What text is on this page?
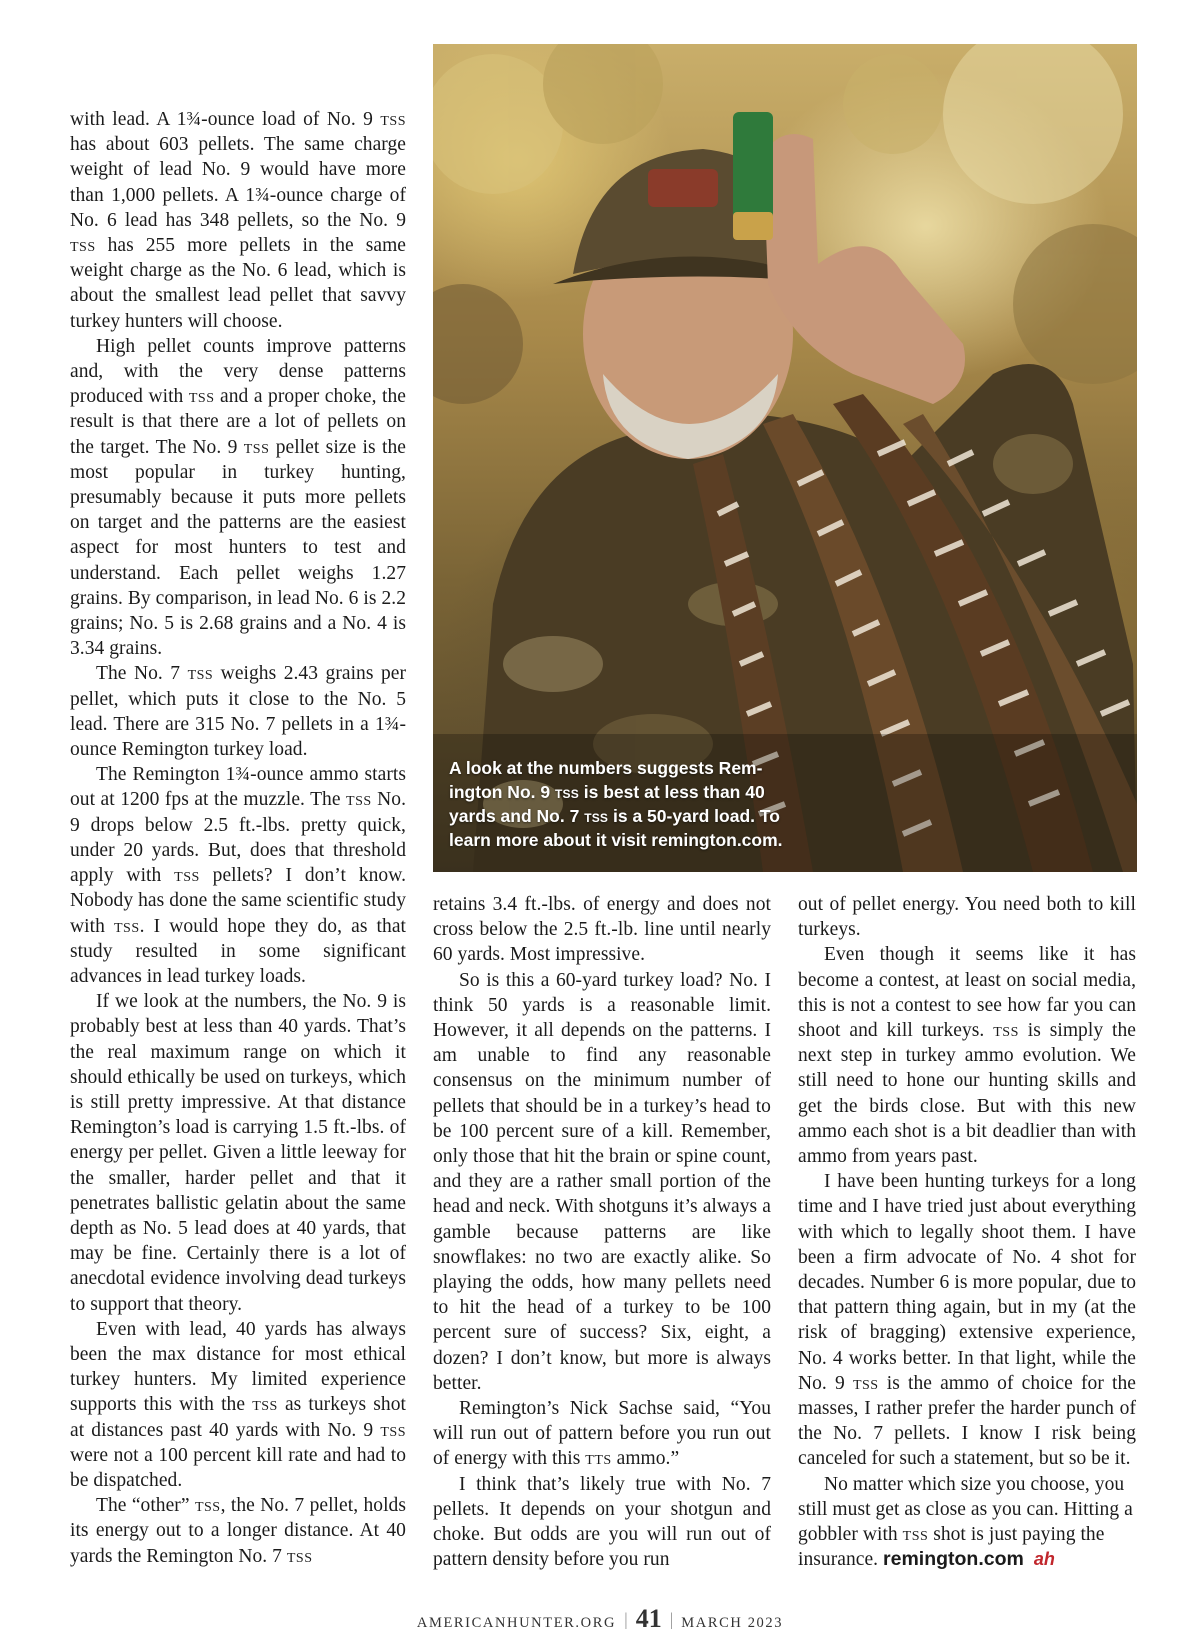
with lead. A 1¾-ounce load of No. 9 tss has about 603 pellets. The same charge weight of lead No. 9 would have more than 1,000 pellets. A 1¾-ounce charge of No. 6 lead has 348 pellets, so the No. 9 tss has 255 more pellets in the same weight charge as the No. 6 lead, which is about the smallest lead pellet that savvy turkey hunters will choose.

High pellet counts improve patterns and, with the very dense patterns produced with tss and a proper choke, the result is that there are a lot of pellets on the target. The No. 9 tss pellet size is the most popular in turkey hunting, presumably because it puts more pellets on target and the patterns are the easiest aspect for most hunters to test and understand. Each pellet weighs 1.27 grains. By comparison, in lead No. 6 is 2.2 grains; No. 5 is 2.68 grains and a No. 4 is 3.34 grains.

The No. 7 tss weighs 2.43 grains per pellet, which puts it close to the No. 5 lead. There are 315 No. 7 pellets in a 1¾-ounce Remington turkey load.

The Remington 1¾-ounce ammo starts out at 1200 fps at the muzzle. The tss No. 9 drops below 2.5 ft.-lbs. pretty quick, under 20 yards. But, does that threshold apply with tss pellets? I don’t know. Nobody has done the same scientific study with tss. I would hope they do, as that study resulted in some significant advances in lead turkey loads.

If we look at the numbers, the No. 9 is probably best at less than 40 yards. That’s the real maximum range on which it should ethically be used on turkeys, which is still pretty impressive. At that distance Remington’s load is carrying 1.5 ft.-lbs. of energy per pellet. Given a little leeway for the smaller, harder pellet and that it penetrates ballistic gelatin about the same depth as No. 5 lead does at 40 yards, that may be fine. Certainly there is a lot of anecdotal evidence involving dead turkeys to support that theory.

Even with lead, 40 yards has always been the max distance for most ethical turkey hunters. My limited experience supports this with the tss as turkeys shot at distances past 40 yards with No. 9 tss were not a 100 percent kill rate and had to be dispatched.

The “other” tss, the No. 7 pellet, holds its energy out to a longer distance. At 40 yards the Remington No. 7 tss

A look at the numbers suggests Rem-
ington No. 9 tss is best at less than 40
yards and No. 7 tss is a 50-yard load. To
learn more about it visit remington.com.

retains 3.4 ft.-lbs. of energy and does not cross below the 2.5 ft.-lb. line until nearly 60 yards. Most impressive.

So is this a 60-yard turkey load? No. I think 50 yards is a reasonable limit. However, it all depends on the patterns. I am unable to find any reasonable consensus on the minimum number of pellets that should be in a turkey’s head to be 100 percent sure of a kill. Remember, only those that hit the brain or spine count, and they are a rather small portion of the head and neck. With shotguns it’s always a gamble because patterns are like snowflakes: no two are exactly alike. So playing the odds, how many pellets need to hit the head of a turkey to be 100 percent sure of success? Six, eight, a dozen? I don’t know, but more is always better.

Remington’s Nick Sachse said, “You will run out of pattern before you run out of energy with this tts ammo.”

I think that’s likely true with No. 7 pellets. It depends on your shotgun and choke. But odds are you will run out of pattern density before you run

out of pellet energy. You need both to kill turkeys.

Even though it seems like it has become a contest, at least on social media, this is not a contest to see how far you can shoot and kill turkeys. tss is simply the next step in turkey ammo evolution. We still need to hone our hunting skills and get the birds close. But with this new ammo each shot is a bit deadlier than with ammo from years past.

I have been hunting turkeys for a long time and I have tried just about everything with which to legally shoot them. I have been a firm advocate of No. 4 shot for decades. Number 6 is more popular, due to that pattern thing again, but in my (at the risk of bragging) extensive experience, No. 4 works better. In that light, while the No. 9 tss is the ammo of choice for the masses, I rather prefer the harder punch of the No. 7 pellets. I know I risk being canceled for such a statement, but so be it.

No matter which size you choose, you still must get as close as you can. Hitting a gobbler with tss shot is just paying the insurance. remington.com ah

AMERICANHUNTER.ORG | 41 | MARCH 2023
